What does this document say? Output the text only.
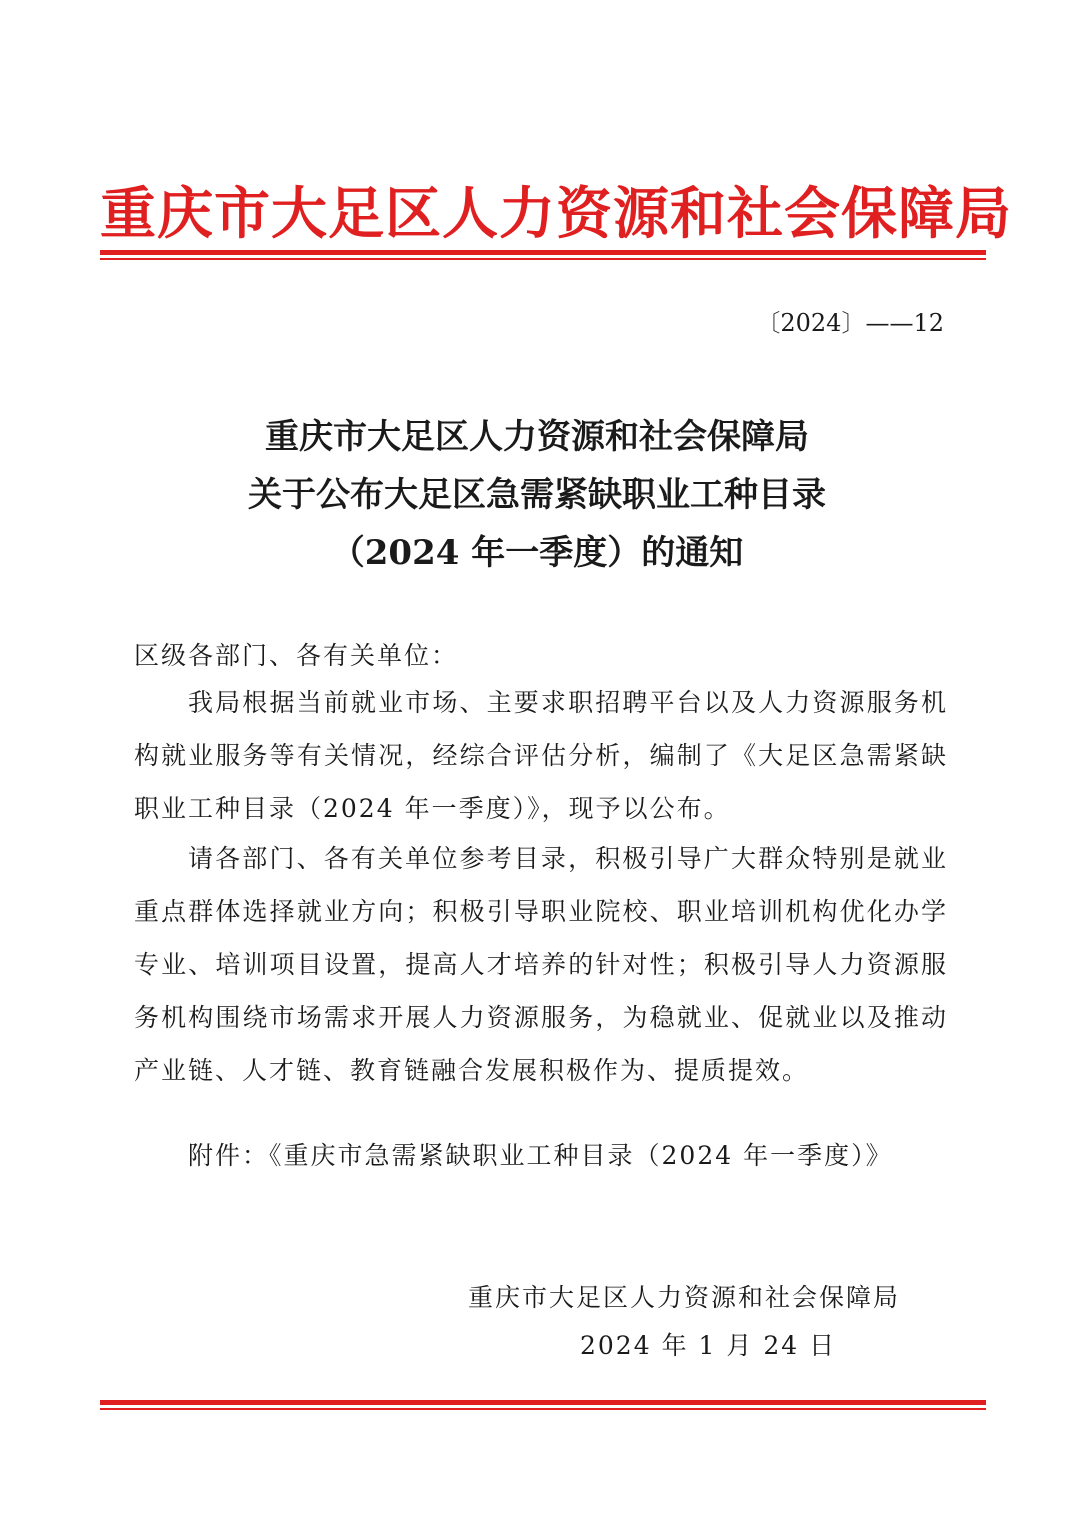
重庆市大足区人力资源和社会保障局
〔2024〕——12
重庆市大足区人力资源和社会保障局
关于公布大足区急需紧缺职业工种目录
（2024 年一季度）的通知
区级各部门、各有关单位：
我局根据当前就业市场、主要求职招聘平台以及人力资源服务机构就业服务等有关情况，经综合评估分析，编制了《大足区急需紧缺职业工种目录（2024 年一季度）》，现予以公布。
请各部门、各有关单位参考目录，积极引导广大群众特别是就业重点群体选择就业方向；积极引导职业院校、职业培训机构优化办学专业、培训项目设置，提高人才培养的针对性；积极引导人力资源服务机构围绕市场需求开展人力资源服务，为稳就业、促就业以及推动产业链、人才链、教育链融合发展积极作为、提质提效。
附件：《重庆市急需紧缺职业工种目录（2024 年一季度）》
重庆市大足区人力资源和社会保障局
2024 年 1 月 24 日
